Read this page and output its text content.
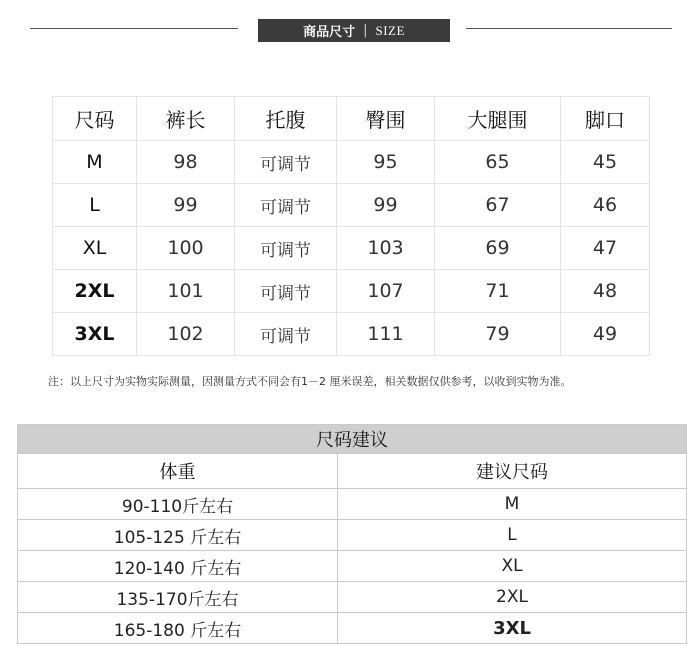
商品尺寸 | SIZE
尺码	裤长	托腹	臀围	大腿围	脚口
M	98	可调节	95	65	45
L	99	可调节	99	67	46
XL	100	可调节	103	69	47
2XL	101	可调节	107	71	48
3XL	102	可调节	111	79	49
注：以上尺寸为实物实际测量，因测量方式不同会有1－2 厘米误差，相关数据仅供参考，以收到实物为准。
尺码建议	
体重	建议尺码
90-110斤左右	M
105-125 斤左右	L
120-140 斤左右	XL
135-170斤左右	2XL
165-180 斤左右	3XL
